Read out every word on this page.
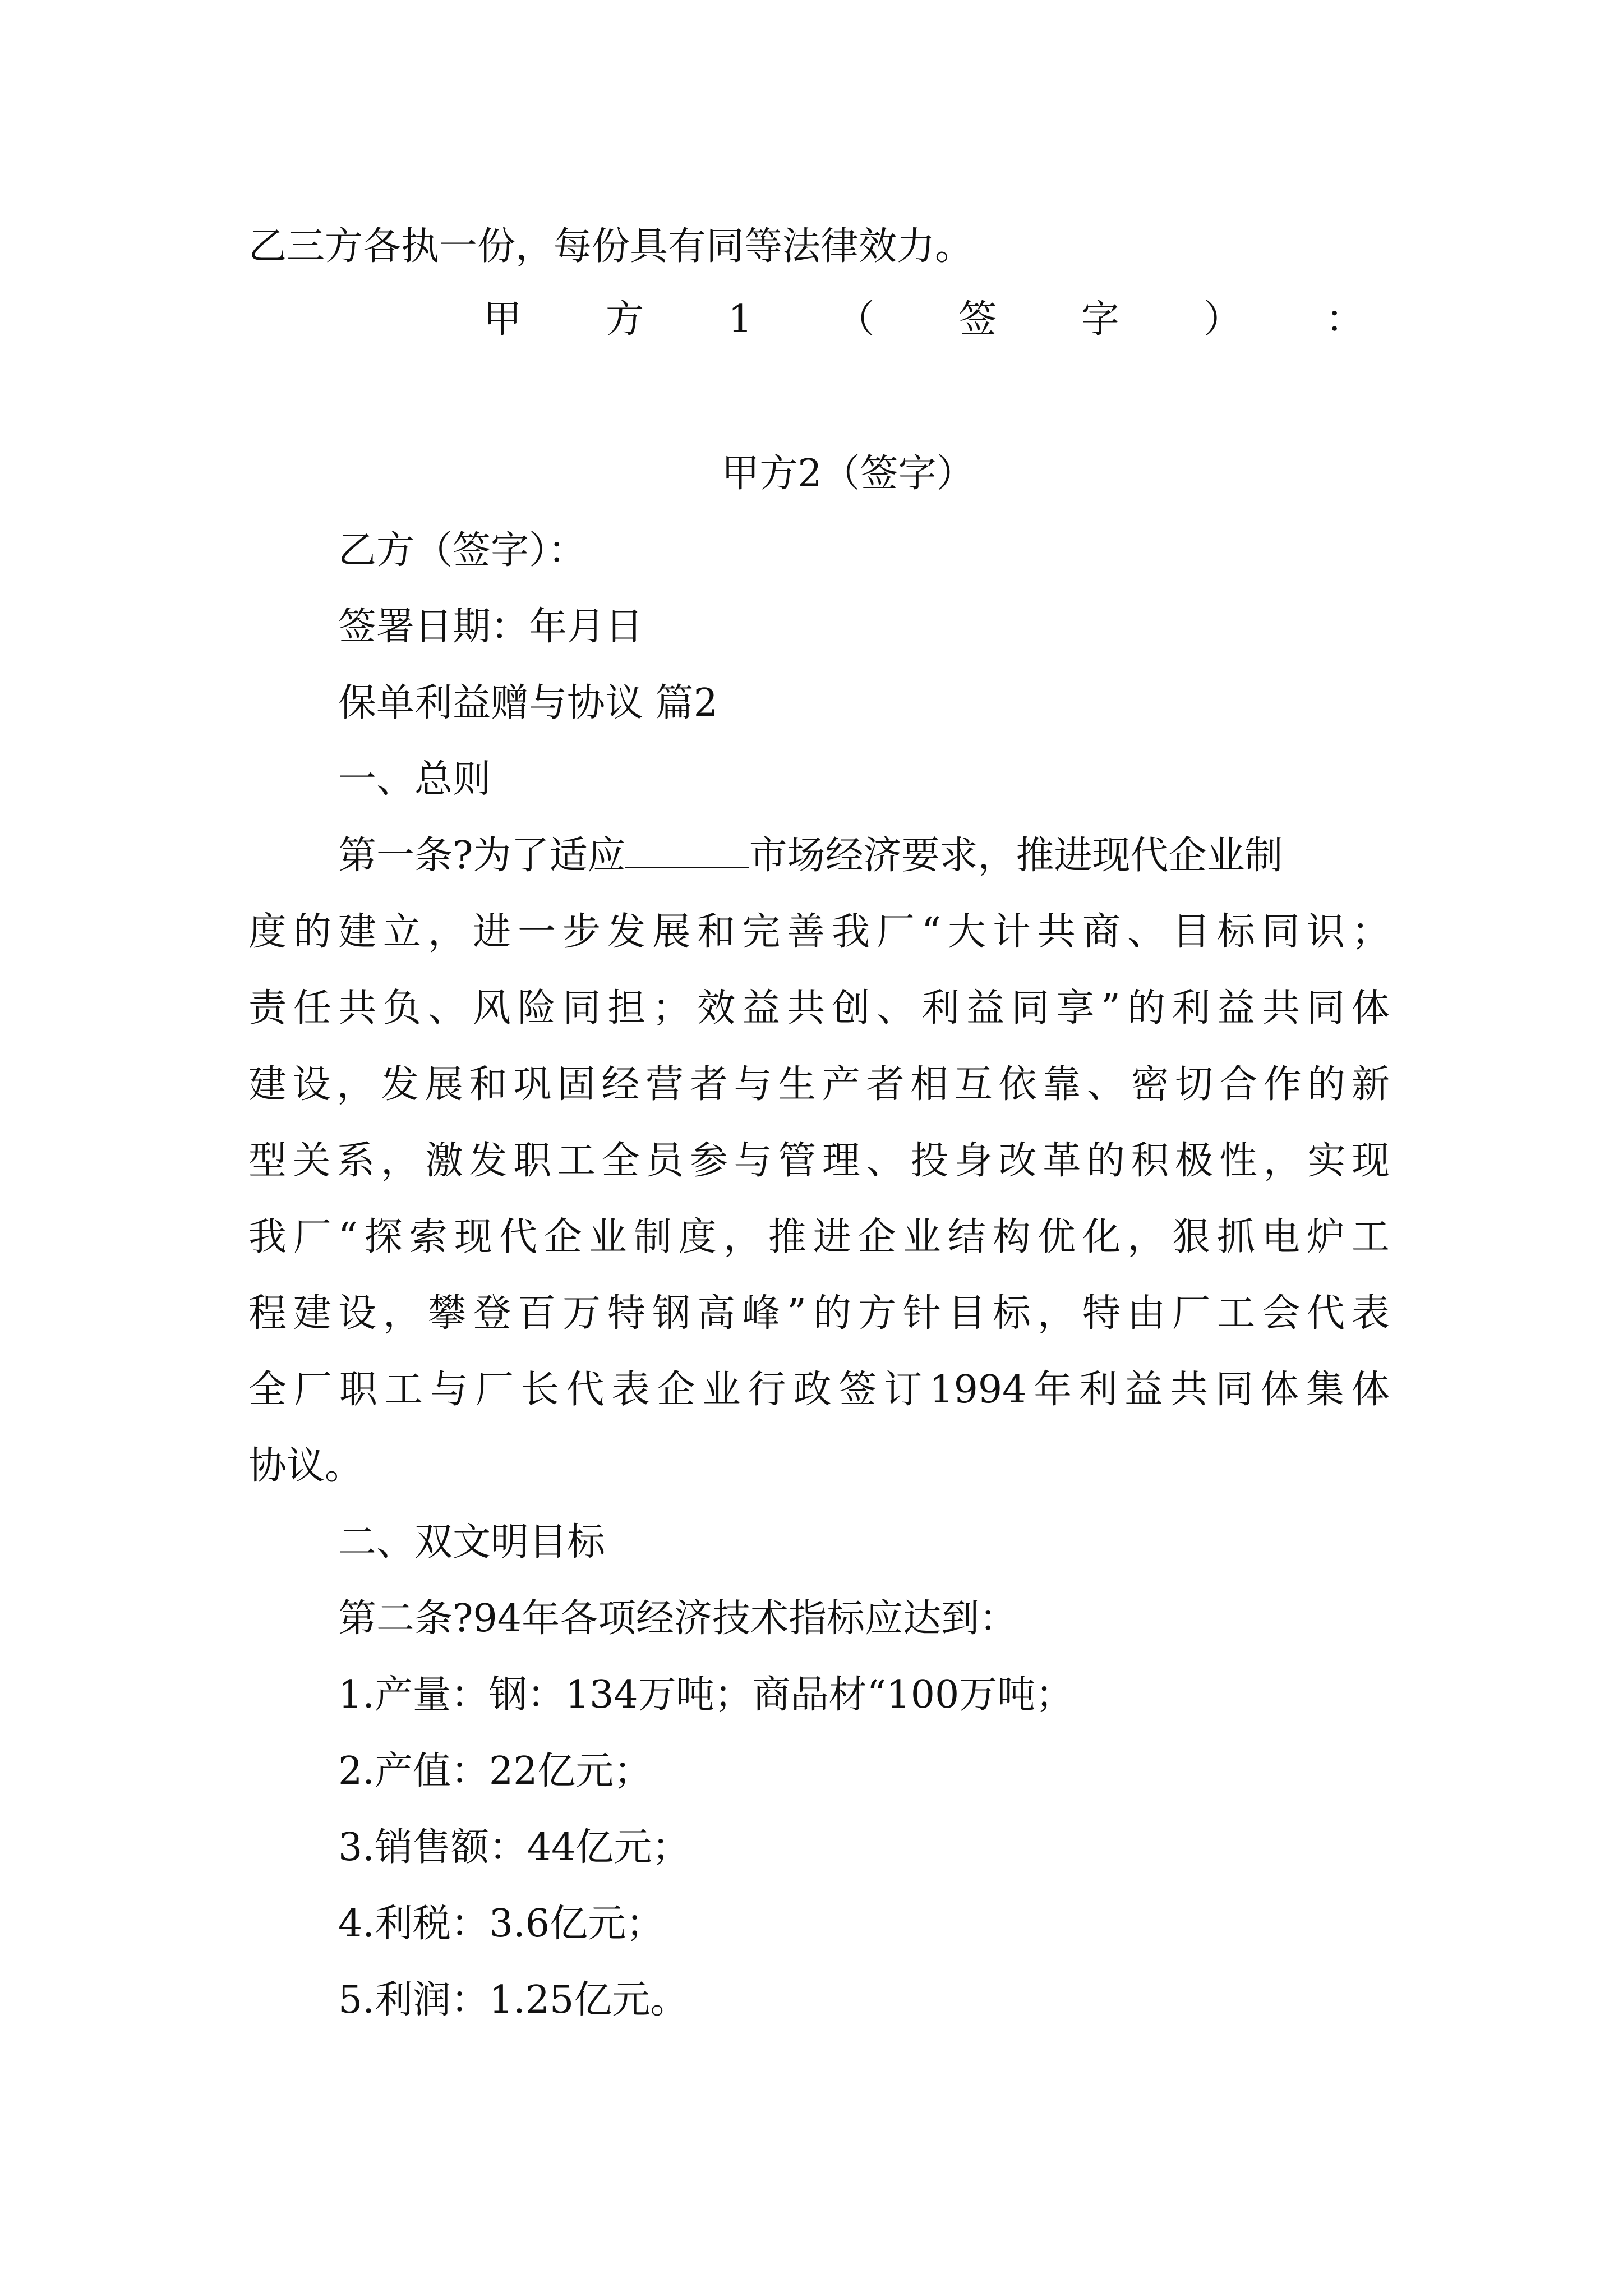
乙三方各执一份，每份具有同等法律效力。

甲 方 1 （ 签 字 ） ：

甲方2（签字）

乙方（签字）：

签署日期：年月日

保单利益赠与协议 篇2

一、总则

第一条?为了适应	市场经济要求，推进现代企业制

度的建立，进一步发展和完善我厂“大计共商、目标同识；

责任共负、风险同担；效益共创、利益同享”的利益共同体

建设，发展和巩固经营者与生产者相互依靠、密切合作的新

型关系，激发职工全员参与管理、投身改革的积极性，实现

我厂“探索现代企业制度，推进企业结构优化，狠抓电炉工

程建设，攀登百万特钢高峰”的方针目标，特由厂工会代表

全厂职工与厂长代表企业行政签订1994年利益共同体集体

协议。

二、双文明目标

第二条?94年各项经济技术指标应达到：

1.产量：钢：134万吨；商品材“100万吨；

2.产值：22亿元；

3.销售额：44亿元；

4.利税：3.6亿元；

5.利润：1.25亿元。
